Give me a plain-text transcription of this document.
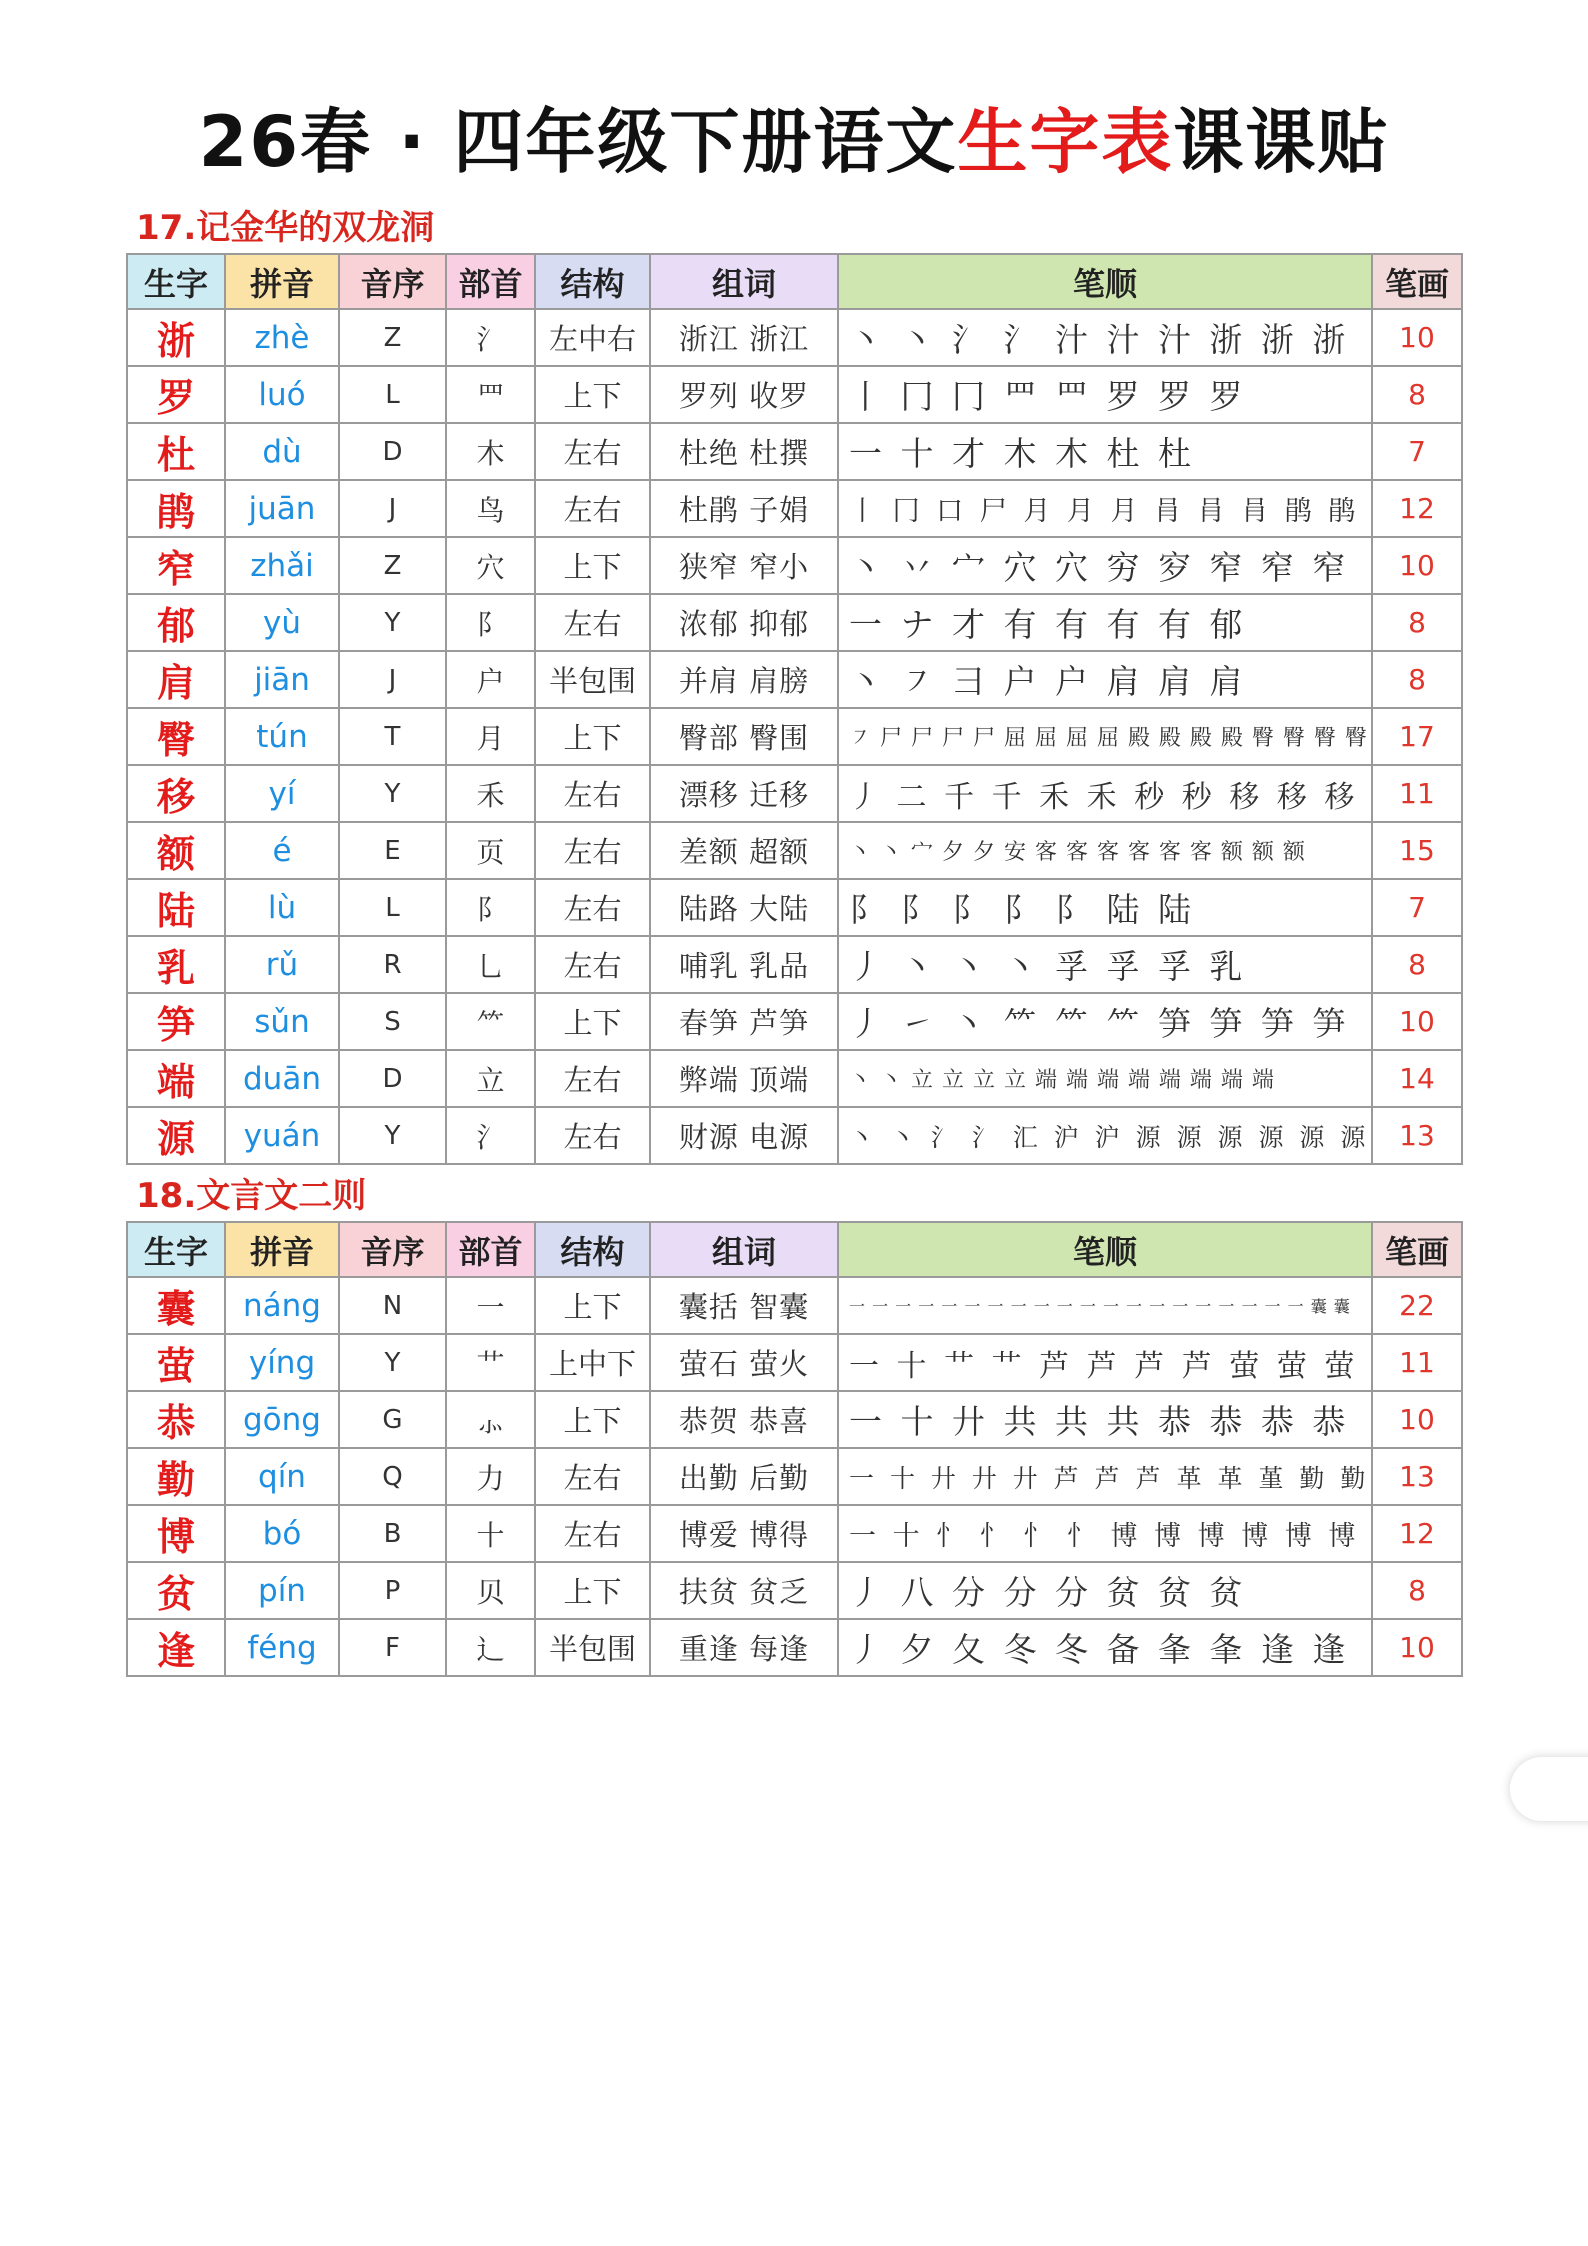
26春 · 四年级下册语文生字表课课贴
17.记金华的双龙洞
生字	拼音	音序	部首	结构	组词	笔顺	笔画
浙	zhè	Z	氵	左中右	浙江 浙江	丶 丶 氵 氵 汁 汁 汁 浙 浙 浙	10
罗	luó	L	罒	上下	罗列 收罗	丨 冂 冂 罒 罒 罗 罗 罗	8
杜	dù	D	木	左右	杜绝 杜撰	一 十 才 木 木 杜 杜	7
鹃	juān	J	鸟	左右	杜鹃 子娟	丨 冂 口 尸 月 月 月 肙 肙 肙 鹃 鹃	12
窄	zhǎi	Z	穴	上下	狭窄 窄小	丶 丷 宀 穴 穴 穷 穸 窄 窄 窄	10
郁	yù	Y	阝	左右	浓郁 抑郁	一 ナ 才 有 有 有 有 郁	8
肩	jiān	J	户	半包围	并肩 肩膀	丶 ㇇ 彐 户 户 肩 肩 肩	8
臀	tún	T	月	上下	臀部 臀围	㇇ 尸 尸 尸 尸 屈 屈 屈 屈 殿 殿 殿 殿 臀 臀 臀 臀	17
移	yí	Y	禾	左右	漂移 迁移	丿 二 千 千 禾 禾 秒 秒 移 移 移	11
额	é	E	页	左右	差额 超额	丶 丶 宀 夕 夕 安 客 客 客 客 客 客 额 额 额	15
陆	lù	L	阝	左右	陆路 大陆	阝 阝 阝 阝 阝 陆 陆	7
乳	rǔ	R	乚	左右	哺乳 乳品	丿 丶 丶 丶 孚 孚 孚 乳	8
笋	sǔn	S	⺮	上下	春笋 芦笋	丿 ㇀ 丶 ⺮ ⺮ ⺮ 笋 笋 笋 笋	10
端	duān	D	立	左右	弊端 顶端	丶 丶 立 立 立 立 端 端 端 端 端 端 端 端	14
源	yuán	Y	氵	左右	财源 电源	丶 丶 氵 氵 汇 沪 沪 源 源 源 源 源 源	13
18.文言文二则
生字	拼音	音序	部首	结构	组词	笔顺	笔画
囊	náng	N	一	上下	囊括 智囊	一 一 一 一 一 一 一 一 一 一 一 一 一 一 一 一 一 一 一 一 囊 囊	22
萤	yíng	Y	艹	上中下	萤石 萤火	一 十 艹 艹 芦 芦 芦 芦 萤 萤 萤	11
恭	gōng	G	⺗	上下	恭贺 恭喜	一 十 廾 共 共 共 恭 恭 恭 恭	10
勤	qín	Q	力	左右	出勤 后勤	一 十 廾 廾 廾 芦 芦 芦 革 革 堇 勤 勤	13
博	bó	B	十	左右	博爱 博得	一 十 忄 忄 忄 忄 博 博 博 博 博 博	12
贫	pín	P	贝	上下	扶贫 贫乏	丿 八 分 分 分 贫 贫 贫	8
逢	féng	F	辶	半包围	重逢 每逢	丿 夕 夂 冬 冬 备 夆 夆 逢 逢	10
